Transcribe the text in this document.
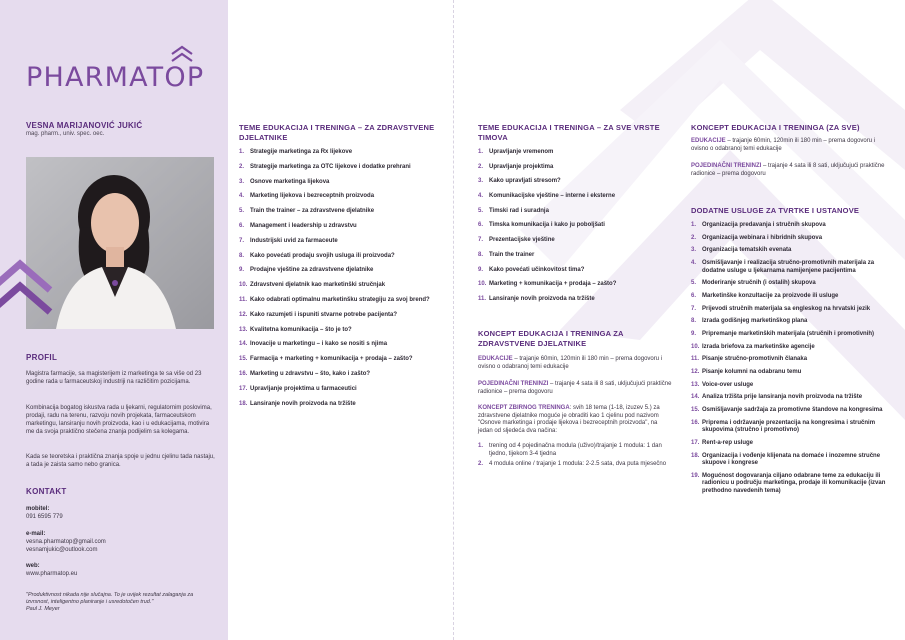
PHARMATOP
VESNA MARIJANOVIĆ JUKIĆ
mag. pharm., univ. spec. oec.
PROFIL
Magistra farmacije, sa magisterijem iz marketinga te sa više od 23 godine rada u farmaceutskoj industriji na različitim pozicijama.
Kombinacija bogatog iskustva rada u ljekarni, regulatornim poslovima, prodaji, radu na terenu, razvoju novih projekata, farmaceutskom marketingu, lansiranju novih proizvoda, kao i u edukacijama, motivira me da svoja praktično stečena znanja podijelim sa kolegama.
Kada se teoretska i praktična znanja spoje u jednu cjelinu tada nastaju, a tada je zaista samo nebo granica.
KONTAKT
mobitel:
091 6595 779
e-mail:
vesna.pharmatop@gmail.com
vesnamjukic@outlook.com
web:
www.pharmatop.eu
"Produktivnost nikada nije slučajna. To je uvijek rezultat zalaganja za izvrsnost, inteligentno planiranje i usredotočen trud."
Paul J. Meyer
TEME EDUKACIJA I TRENINGA – ZA ZDRAVSTVENE DJELATNIKE
1. Strategije marketinga za Rx lijekove
2. Strategije marketinga za OTC lijekove i dodatke prehrani
3. Osnove marketinga lijekova
4. Marketing lijekova i bezreceptnih proizvoda
5. Train the trainer – za zdravstvene djelatnike
6. Management i leadership u zdravstvu
7. Industrijski uvid za farmaceute
8. Kako povećati prodaju svojih usluga ili proizvoda?
9. Prodajne vještine za zdravstvene djelatnike
10. Zdravstveni djelatnik kao marketinški stručnjak
11. Kako odabrati optimalnu marketinšku strategiju za svoj brend?
12. Kako razumjeti i ispuniti stvarne potrebe pacijenta?
13. Kvalitetna komunikacija – što je to?
14. Inovacije u marketingu – i kako se nositi s njima
15. Farmacija + marketing + komunikacija + prodaja – zašto?
16. Marketing u zdravstvu – što, kako i zašto?
17. Upravljanje projektima u farmaceutici
18. Lansiranje novih proizvoda na tržište
TEME EDUKACIJA I TRENINGA – ZA SVE VRSTE TIMOVA
1. Upravljanje vremenom
2. Upravljanje projektima
3. Kako upravljati stresom?
4. Komunikacijske vještine – interne i eksterne
5. Timski rad i suradnja
6. Timska komunikacija i kako ju poboljšati
7. Prezentacijske vještine
8. Train the trainer
9. Kako povećati učinkovitost tima?
10. Marketing + komunikacija + prodaja – zašto?
11. Lansiranje novih proizvoda na tržište
KONCEPT EDUKACIJA I TRENINGA ZA ZDRAVSTVENE DJELATNIKE
EDUKACIJE – trajanje 60min, 120min ili 180 min – prema dogovoru i ovisno o odabranoj temi edukacije
POJEDINAČNI TRENINZI – trajanje 4 sata ili 8 sati, uključujući praktične radionice – prema dogovoru
KONCEPT ZBIRNOG TRENINGA: svih 18 tema (1-18, izuzev 5.) za zdravstvene djelatnike moguće je obraditi kao 1 cjelinu pod nazivom "Osnove marketinga i prodaje lijekova i bezreceptnih proizvoda", na jedan od sljedeća dva načina:
1. trening od 4 pojedinačna modula (uživo)/trajanje 1 modula: 1 dan tjedno, tijekom 3-4 tjedna
2. 4 modula online / trajanje 1 modula: 2-2.5 sata, dva puta mjesečno
KONCEPT EDUKACIJA I TRENINGA (ZA SVE)
EDUKACIJE – trajanje 60min, 120min ili 180 min – prema dogovoru i ovisno o odabranoj temi edukacije
POJEDINAČNI TRENINZI – trajanje 4 sata ili 8 sati, uključujući praktične radionice – prema dogovoru
DODATNE USLUGE ZA TVRTKE I USTANOVE
1. Organizacija predavanja i stručnih skupova
2. Organizacija webinara i hibridnih skupova
3. Organizacija tematskih evenata
4. Osmišljavanje i realizacija stručno-promotivnih materijala za dodatne usluge u ljekarnama namijenjene pacijentima
5. Moderiranje stručnih (i ostalih) skupova
6. Marketinške konzultacije za proizvode ili usluge
7. Prijevodi stručnih materijala sa engleskog na hrvatski jezik
8. Izrada godišnjeg marketinškog plana
9. Pripremanje marketinških materijala (stručnih i promotivnih)
10. Izrada briefova za marketinške agencije
11. Pisanje stručno-promotivnih članaka
12. Pisanje kolumni na odabranu temu
13. Voice-over usluge
14. Analiza tržišta prije lansiranja novih proizvoda na tržište
15. Osmišljavanje sadržaja za promotivne štandove na kongresima
16. Priprema i održavanje prezentacija na kongresima i stručnim skupovima (stručno i promotivno)
17. Rent-a-rep usluge
18. Organizacija i vođenje klijenata na domaće i inozemne stručne skupove i kongrese
19. Mogućnost dogovaranja ciljano odabrane teme za edukaciju ili radionicu u području marketinga, prodaje ili komunikacije (izvan prethodno navedenih tema)
